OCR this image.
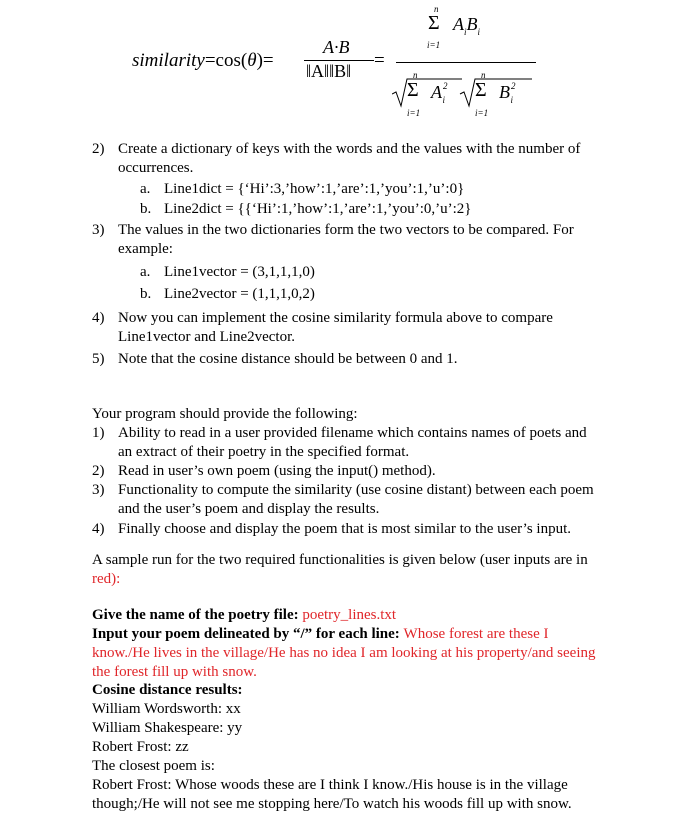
similarity=cos(θ)=
A·B
‖A‖‖B‖ =
n
Σ
i=1
$A_iB_i$
n
Σ
i=1
$A^2_i$
n
Σ
i=1
$B^2_i$
2) Create a dictionary of keys with the words and the values with the number of
occurrences.
a. Line1dict = {‘Hi’:3,’how’:1,’are’:1,’you’:1,’u’:0}
b. Line2dict = {{‘Hi’:1,’how’:1,’are’:1,’you’:0,’u’:2}
3) The values in the two dictionaries form the two vectors to be compared. For
example:
a. Line1vector = (3,1,1,1,0)
b. Line2vector = (1,1,1,0,2)
4) Now you can implement the cosine similarity formula above to compare
Line1vector and Line2vector.
5) Note that the cosine distance should be between 0 and 1.
Your program should provide the following:
1) Ability to read in a user provided filename which contains names of poets and
an extract of their poetry in the specified format.
2) Read in user’s own poem (using the input() method).
3) Functionality to compute the similarity (use cosine distant) between each poem
and the user’s poem and display the results.
4) Finally choose and display the poem that is most similar to the user’s input.
A sample run for the two required functionalities is given below (user inputs are in
red):
Give the name of the poetry file: poetry_lines.txt
Input your poem delineated by “/” for each line: Whose forest are these I
know./He lives in the village/He has no idea I am looking at his property/and seeing
the forest fill up with snow.
Cosine distance results:
William Wordsworth: xx
William Shakespeare: yy
Robert Frost: zz
The closest poem is:
Robert Frost: Whose woods these are I think I know./His house is in the village
though;/He will not see me stopping here/To watch his woods fill up with snow.
